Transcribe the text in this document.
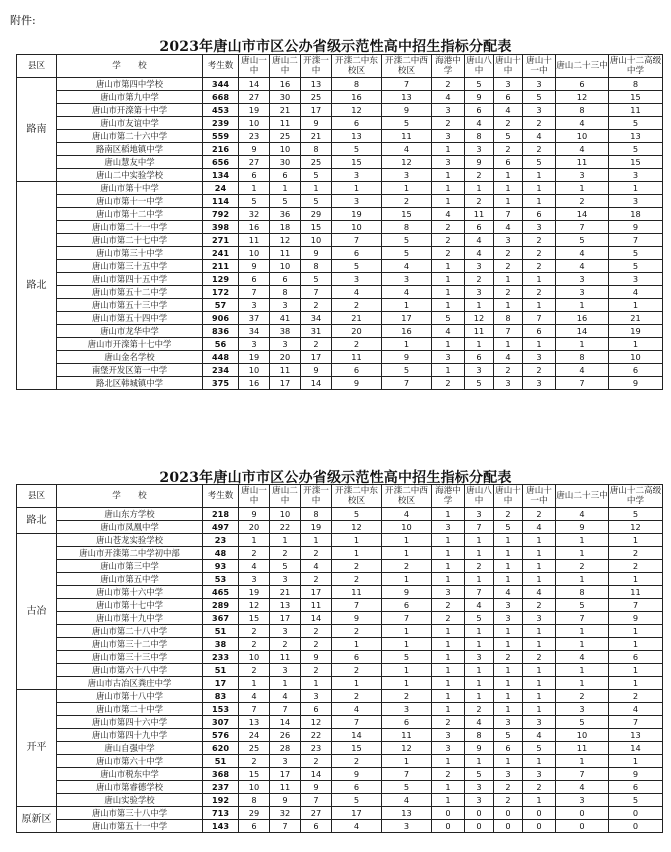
附件:
2023年唐山市市区公办省级示范性高中招生指标分配表
县区	学　　校	考生数	唐山一中	唐山二中	开滦一中	开滦二中东校区	开滦二中西校区	海港中学	唐山八中	唐山十中	唐山十一中	唐山二十三中	唐山十二高级中学
路南	唐山市第四中学校	344	14	16	13	8	7	2	5	3	3	6	8
	唐山市第九中学	668	27	30	25	16	13	4	9	6	5	12	15
	唐山市开滦第十中学	453	19	21	17	12	9	3	6	4	3	8	11
	唐山市友谊中学	239	10	11	9	6	5	2	4	2	2	4	5
	唐山市第二十六中学	559	23	25	21	13	11	3	8	5	4	10	13
	路南区稻地镇中学	216	9	10	8	5	4	1	3	2	2	4	5
	唐山慧友中学	656	27	30	25	15	12	3	9	6	5	11	15
	唐山二中实验学校	134	6	6	5	3	3	1	2	1	1	3	3
路北	唐山市第十中学	24	1	1	1	1	1	1	1	1	1	1	1
	唐山市第十一中学	114	5	5	5	3	2	1	2	1	1	2	3
	唐山市第十二中学	792	32	36	29	19	15	4	11	7	6	14	18
	唐山市第二十一中学	398	16	18	15	10	8	2	6	4	3	7	9
	唐山市第二十七中学	271	11	12	10	7	5	2	4	3	2	5	7
	唐山市第三十中学	241	10	11	9	6	5	2	4	2	2	4	5
	唐山市第三十五中学	211	9	10	8	5	4	1	3	2	2	4	5
	唐山市第四十五中学	129	6	6	5	3	3	1	2	1	1	3	3
	唐山市第五十二中学	172	7	8	7	4	4	1	3	2	2	3	4
	唐山市第五十三中学	57	3	3	2	2	1	1	1	1	1	1	1
	唐山市第五十四中学	906	37	41	34	21	17	5	12	8	7	16	21
	唐山市龙华中学	836	34	38	31	20	16	4	11	7	6	14	19
	唐山市开滦第十七中学	56	3	3	2	2	1	1	1	1	1	1	1
	唐山金名学校	448	19	20	17	11	9	3	6	4	3	8	10
	南堡开发区第一中学	234	10	11	9	6	5	1	3	2	2	4	6
	路北区韩城镇中学	375	16	17	14	9	7	2	5	3	3	7	9
2023年唐山市市区公办省级示范性高中招生指标分配表
县区	学　　校	考生数	唐山一中	唐山二中	开滦一中	开滦二中东校区	开滦二中西校区	海港中学	唐山八中	唐山十中	唐山十一中	唐山二十三中	唐山十二高级中学
路北	唐山东方学校	218	9	10	8	5	4	1	3	2	2	4	5
	唐山市凤凰中学	497	20	22	19	12	10	3	7	5	4	9	12
古冶	唐山苍龙实验学校	23	1	1	1	1	1	1	1	1	1	1	1
	唐山市开滦第二中学初中部	48	2	2	2	1	1	1	1	1	1	1	2
	唐山市第三中学	93	4	5	4	2	2	1	2	1	1	2	2
	唐山市第五中学	53	3	3	2	2	1	1	1	1	1	1	1
	唐山市第十六中学	465	19	21	17	11	9	3	7	4	4	8	11
	唐山市第十七中学	289	12	13	11	7	6	2	4	3	2	5	7
	唐山市第十九中学	367	15	17	14	9	7	2	5	3	3	7	9
	唐山市第二十八中学	51	2	3	2	2	1	1	1	1	1	1	1
	唐山市第三十二中学	38	2	2	2	1	1	1	1	1	1	1	1
	唐山市第三十三中学	233	10	11	9	6	5	1	3	2	2	4	6
	唐山市第六十八中学	51	2	3	2	2	1	1	1	1	1	1	1
	唐山市古冶区粪庄中学	17	1	1	1	1	1	1	1	1	1	1	1
开平	唐山市第十八中学	83	4	4	3	2	2	1	1	1	1	2	2
	唐山市第二十中学	153	7	7	6	4	3	1	2	1	1	3	4
	唐山市第四十六中学	307	13	14	12	7	6	2	4	3	3	5	7
	唐山市第四十九中学	576	24	26	22	14	11	3	8	5	4	10	13
	唐山自强中学	620	25	28	23	15	12	3	9	6	5	11	14
	唐山市第六十中学	51	2	3	2	2	1	1	1	1	1	1	1
	唐山市税东中学	368	15	17	14	9	7	2	5	3	3	7	9
	唐山市第睿德学校	237	10	11	9	6	5	1	3	2	2	4	6
	唐山实验学校	192	8	9	7	5	4	1	3	2	1	3	5
原新区	唐山市第三十八中学	713	29	32	27	17	13	0	0	0	0	0	0
	唐山市第五十一中学	143	6	7	6	4	3	0	0	0	0	0	0
